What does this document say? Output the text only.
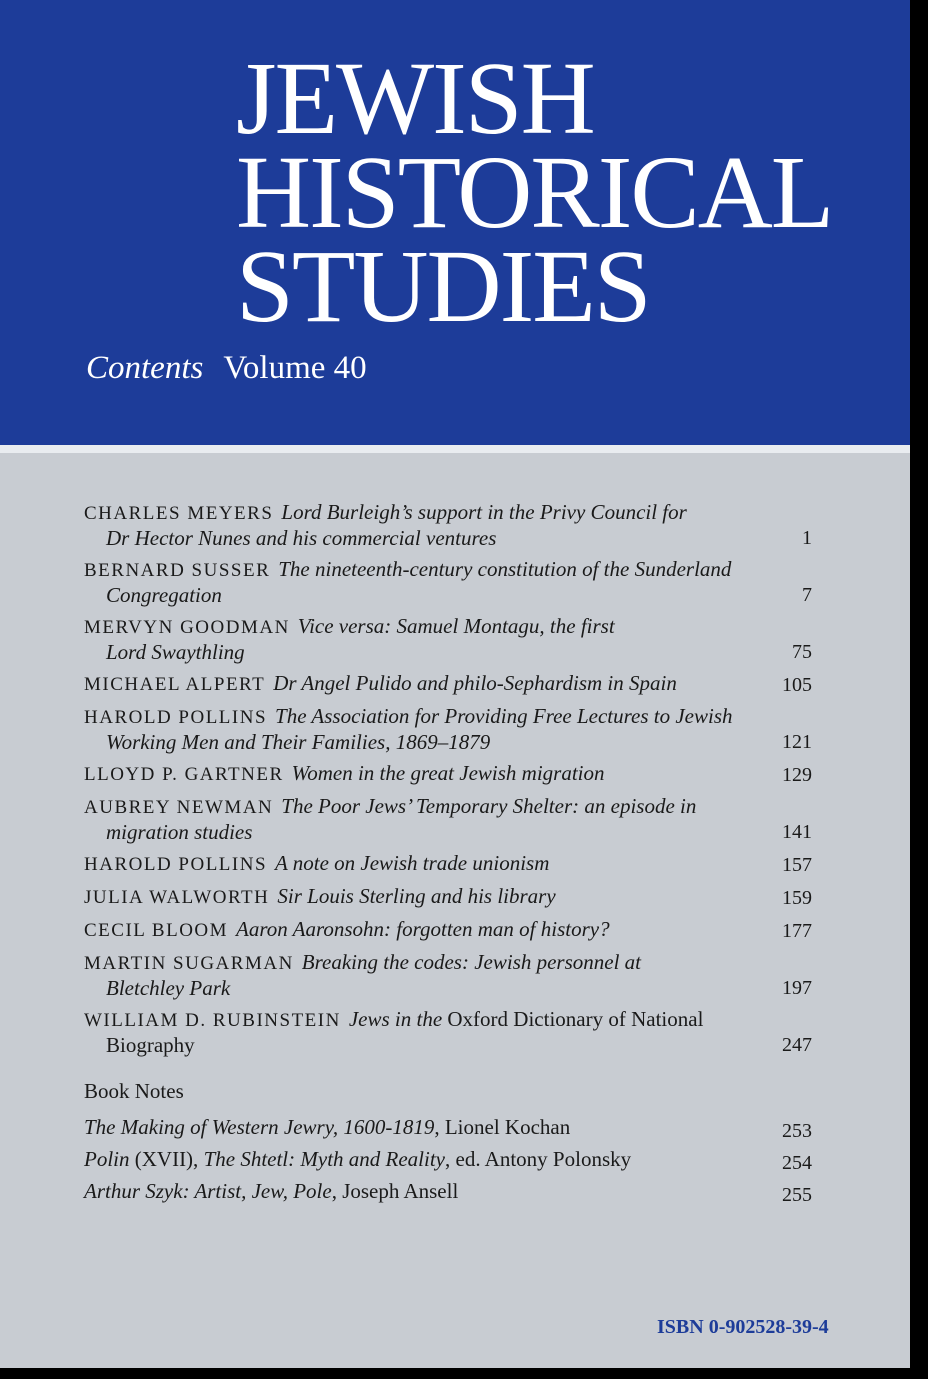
JEWISH
HISTORICAL
STUDIES
Contents Volume 40
CHARLES MEYERS Lord Burleigh’s support in the Privy Council for
Dr Hector Nunes and his commercial ventures	1
BERNARD SUSSER The nineteenth-century constitution of the Sunderland
Congregation	7
MERVYN GOODMAN Vice versa: Samuel Montagu, the first
Lord Swaythling	75
MICHAEL ALPERT Dr Angel Pulido and philo-Sephardism in Spain	105
HAROLD POLLINS The Association for Providing Free Lectures to Jewish
Working Men and Their Families, 1869–1879	121
LLOYD P. GARTNER Women in the great Jewish migration	129
AUBREY NEWMAN The Poor Jews’ Temporary Shelter: an episode in
migration studies	141
HAROLD POLLINS A note on Jewish trade unionism	157
JULIA WALWORTH Sir Louis Sterling and his library	159
CECIL BLOOM Aaron Aaronsohn: forgotten man of history?	177
MARTIN SUGARMAN Breaking the codes: Jewish personnel at
Bletchley Park	197
WILLIAM D. RUBINSTEIN Jews in the Oxford Dictionary of National
Biography	247
Book Notes
The Making of Western Jewry, 1600-1819, Lionel Kochan	253
Polin (XVII), The Shtetl: Myth and Reality, ed. Antony Polonsky	254
Arthur Szyk: Artist, Jew, Pole, Joseph Ansell	255
ISBN 0-902528-39-4
